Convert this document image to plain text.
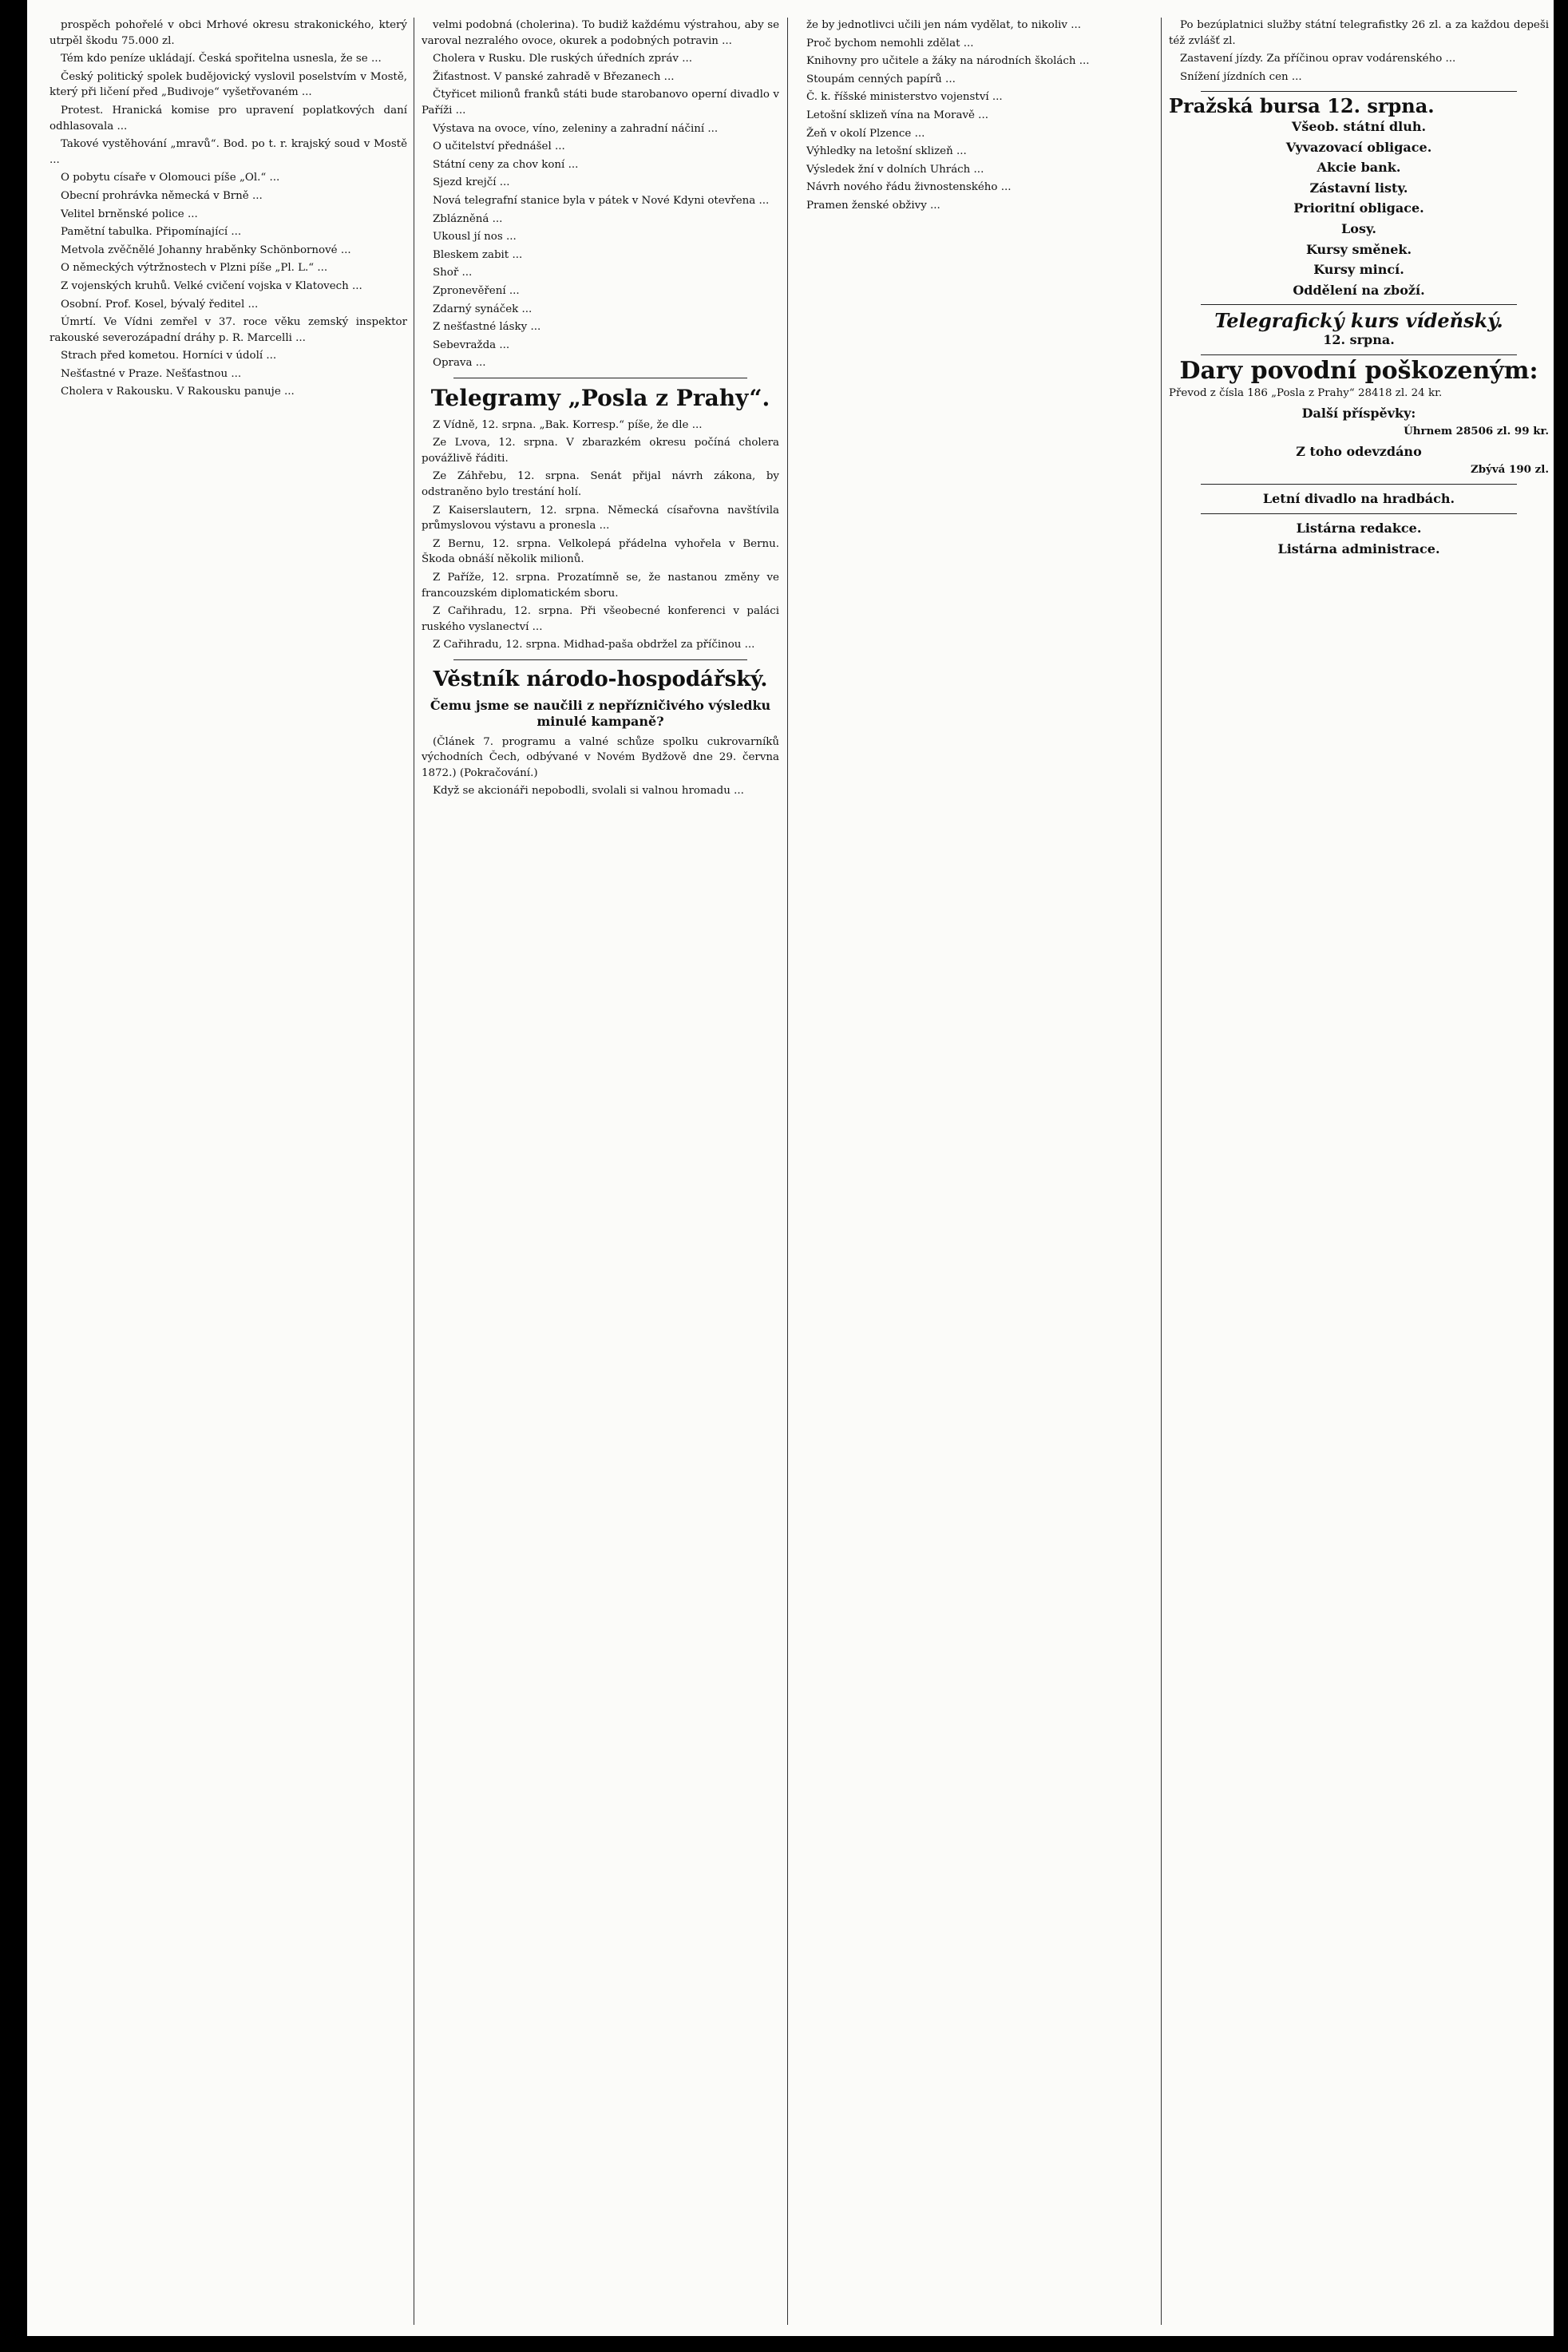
prospěch pohořelé v obci Mrhové okresu strakonického, který utrpěl škodu 75.000 zl.

Tém kdo peníze ukládají. Česká spořitelna usnesla, že se ...

Český politický spolek budějovický vyslovil poselstvím v Mostě, který při ličení před „Budivoje“ vyšetřovaném ...

Protest. Hranická komise pro upravení poplatkových daní odhlasovala ...

Takové vystěhování „mravů“. Bod. po t. r. krajský soud v Mostě ...

O pobytu císaře v Olomouci píše „Ol.“ ...

Obecní prohrávka německá v Brně ...

Velitel brněnské police ...

Pamětní tabulka. Připomínající ...

Metvola zvěčnělé Johanny hraběnky Schönbornové ...

O německých výtržnostech v Plzni píše „Pl. L.“ ...

Z vojenských kruhů. Velké cvičení vojska v Klatovech ...

Osobní. Prof. Kosel, bývalý ředitel ...

Úmrtí. Ve Vídni zemřel v 37. roce věku zemský inspektor rakouské severozápadní dráhy p. R. Marcelli ...

Strach před kometou. Horníci v údolí ...

Nešťastné v Praze. Nešťastnou ...

Cholera v Rakousku. V Rakousku panuje ...

velmi podobná (cholerina). To budiž každému výstrahou, aby se varoval nezralého ovoce, okurek a podobných potravin ...

Cholera v Rusku. Dle ruských úředních zpráv ...

Žiťastnost. V panské zahradě v Březanech ...

Čtyřicet milionů franků státi bude starobanovo operní divadlo v Paříži ...

Výstava na ovoce, víno, zeleniny a zahradní náčiní ...

O učitelství přednášel ...

Státní ceny za chov koní ...

Sjezd krejčí ...

Nová telegrafní stanice byla v pátek v Nové Kdyni otevřena ...

Zblázněná ...

Ukousl jí nos ...

Bleskem zabit ...

Shoř ...

Zpronevěření ...

Zdarný synáček ...

Z nešťastné lásky ...

Sebevražda ...

Oprava ...

Telegramy „Posla z Prahy“.

Z Vídně, 12. srpna. „Bak. Korresp.“ píše, že dle ...

Ze Lvova, 12. srpna. V zbarazkém okresu počíná cholera povážlivě řáditi.

Ze Záhřebu, 12. srpna. Senát přijal návrh zákona, by odstraněno bylo trestání holí.

Z Kaiserslautern, 12. srpna. Německá císařovna navštívila průmyslovou výstavu a pronesla ...

Z Bernu, 12. srpna. Velkolepá přádelna vyhořela v Bernu. Škoda obnáší několik milionů.

Z Paříže, 12. srpna. Prozatímně se, že nastanou změny ve francouzském diplomatickém sboru.

Z Cařihradu, 12. srpna. Při všeobecné konferenci v paláci ruského vyslanectví ...

Z Cařihradu, 12. srpna. Midhad-paša obdržel za příčinou ...

Věstník národo-hospodářský.
Čemu jsme se naučili z nepřízničivého výsledku minulé kampaně?

(Článek 7. programu a valné schůze spolku cukrovarníků východních Čech, odbývané v Novém Bydžově dne 29. června 1872.) (Pokračování.)

Když se akcionáři nepobodli, svolali si valnou hromadu ...

že by jednotlivci učili jen nám vydělat, to nikoliv ...

Proč bychom nemohli zdělat ...

Knihovny pro učitele a žáky na národních školách ...

Stoupám cenných papírů ...

Č. k. říšské ministerstvo vojenství ...

Letošní sklizeň vína na Moravě ...

Žeň v okolí Plzence ...

Výhledky na letošní sklizeň ...

Výsledek žní v dolních Uhrách ...

Návrh nového řádu živnostenského ...

Pramen ženské obživy ...

Po bezúplatnici služby státní telegrafistky 26 zl. a za každou depeši též zvlášť zl.

Zastavení jízdy. Za příčinou oprav vodárenského ...

Snížení jízdních cen ...

Pražská bursa 12. srpna.
Všeob. státní dluh.
Vyvazovací obligace.
Akcie bank.
Zástavní listy.
Prioritní obligace.
Losy.
Kursy směnek.
Kursy mincí.
Oddělení na zboží.
Telegrafický kurs vídeňský.
12. srpna.
Dary povodní poškozeným:
Převod z čísla 186 „Posla z Prahy“ 28418 zl. 24 kr.
Další příspěvky:
Úhrnem 28506 zl. 99 kr.
Z toho odevzdáno
Zbývá 190 zl.
Letní divadlo na hradbách.
Listárna redakce.
Listárna administrace.
